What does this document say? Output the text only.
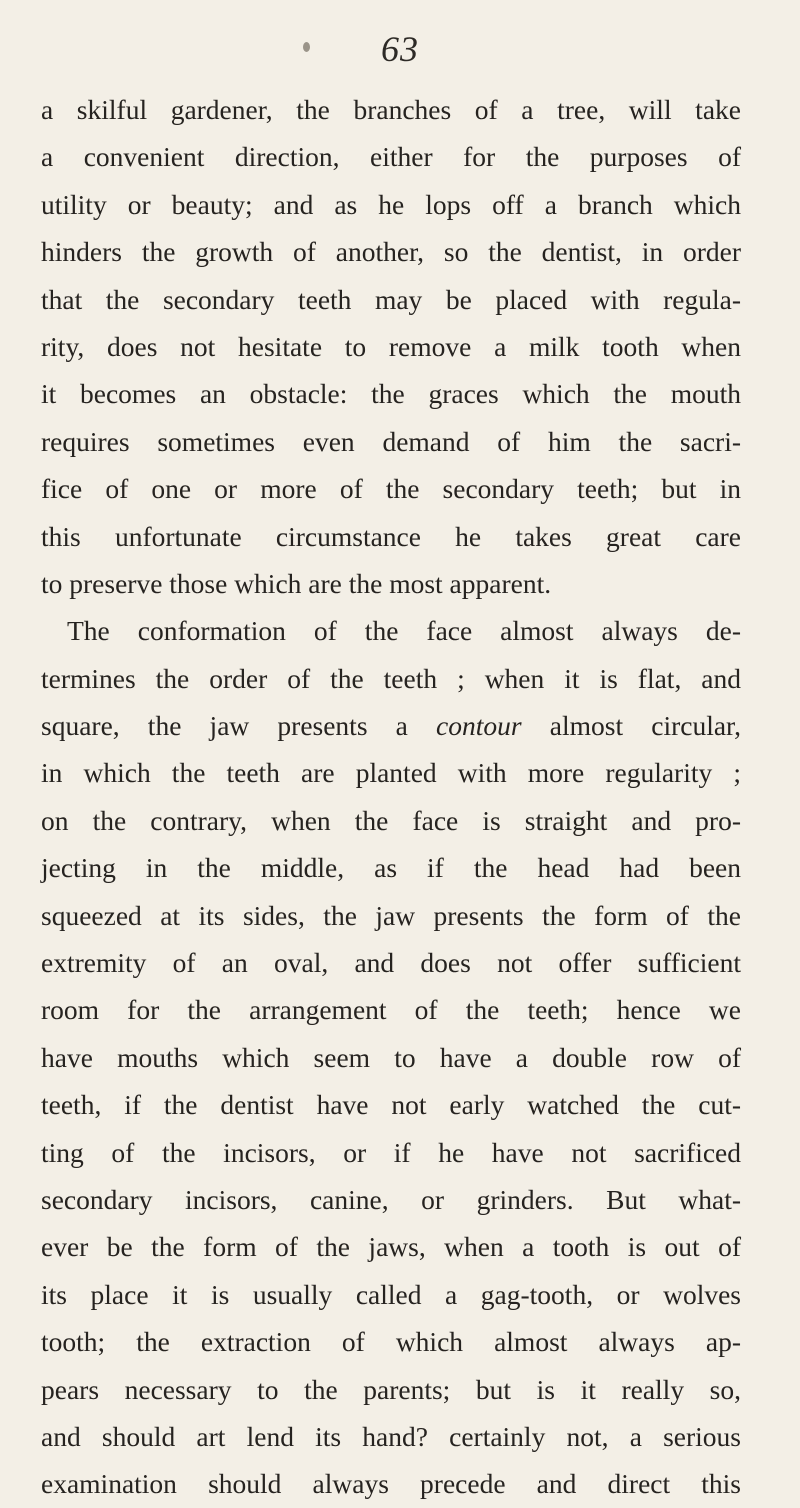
63
a skilful gardener, the branches of a tree, will take
a convenient direction, either for the purposes of
utility or beauty; and as he lops off a branch which
hinders the growth of another, so the dentist, in order
that the secondary teeth may be placed with regula-
rity, does not hesitate to remove a milk tooth when
it becomes an obstacle: the graces which the mouth
requires sometimes even demand of him the sacri-
fice of one or more of the secondary teeth; but in
this unfortunate circumstance he takes great care
to preserve those which are the most apparent.
The conformation of the face almost always de-
termines the order of the teeth ; when it is flat, and
square, the jaw presents a contour almost circular,
in which the teeth are planted with more regularity ;
on the contrary, when the face is straight and pro-
jecting in the middle, as if the head had been
squeezed at its sides, the jaw presents the form of the
extremity of an oval, and does not offer sufficient
room for the arrangement of the teeth; hence we
have mouths which seem to have a double row of
teeth, if the dentist have not early watched the cut-
ting of the incisors, or if he have not sacrificed
secondary incisors, canine, or grinders. But what-
ever be the form of the jaws, when a tooth is out of
its place it is usually called a gag-tooth, or wolves
tooth; the extraction of which almost always ap-
pears necessary to the parents; but is it really so,
and should art lend its hand? certainly not, a serious
examination should always precede and direct this
